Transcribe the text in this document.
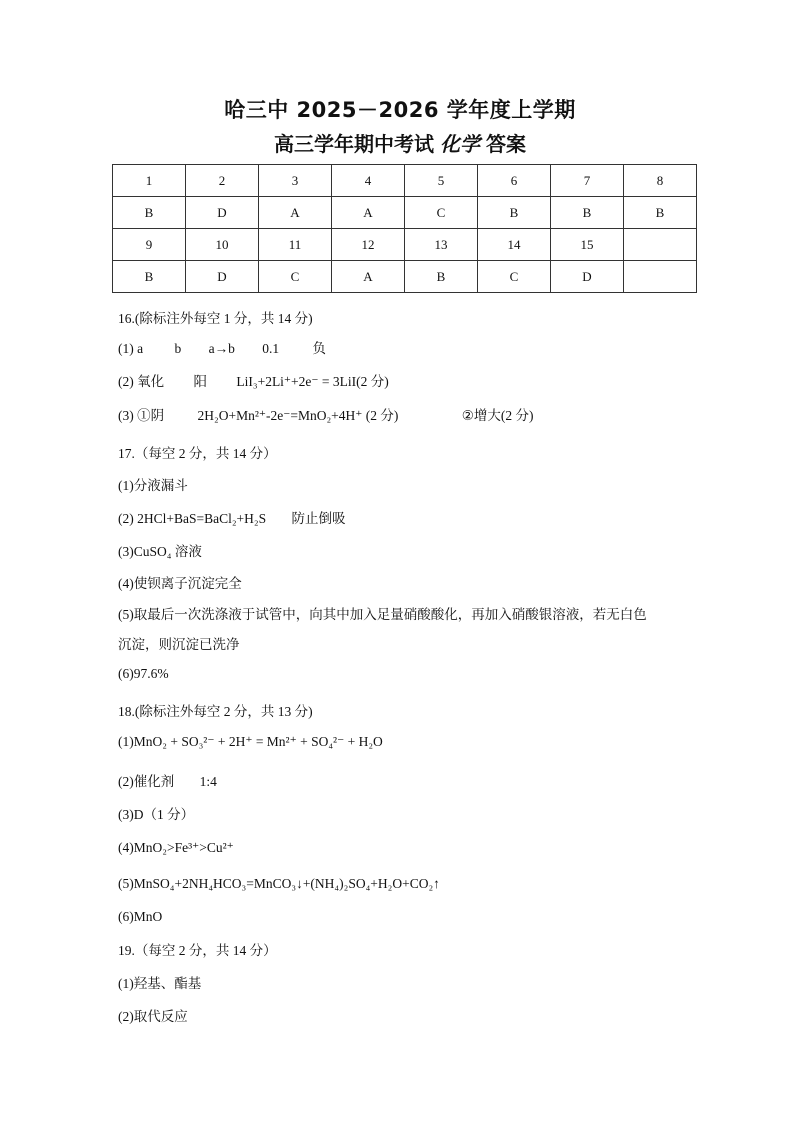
哈三中 2025－2026 学年度上学期
高三学年期中考试 化学 答案
1	2	3	4	5	6	7	8
B	D	A	A	C	B	B	B
9	10	11	12	13	14	15	
B	D	C	A	B	C	D	
16.(除标注外每空 1 分，共 14 分)
(1) a b a→b 0.1 负
(2) 氧化 阳 LiI₃+2Li⁺+2e⁻ = 3LiI(2 分)
(3) ①阴 2H₂O+Mn²⁺-2e⁻=MnO₂+4H⁺ (2 分)	②增大(2 分)
17.（每空 2 分，共 14 分）
(1)分液漏斗
(2) 2HCl+BaS=BaCl₂+H₂S 防止倒吸
(3)CuSO₄ 溶液
(4)使钡离子沉淀完全
(5)取最后一次洗涤液于试管中，向其中加入足量硝酸酸化，再加入硝酸银溶液，若无白色
沉淀，则沉淀已洗净
(6)97.6%
18.(除标注外每空 2 分，共 13 分)
(1)MnO₂ + SO₃²⁻ + 2H⁺ = Mn²⁺ + SO₄²⁻ + H₂O
(2)催化剂 1:4
(3)D（1 分）
(4)MnO₂>Fe³⁺>Cu²⁺
(5)MnSO₄+2NH₄HCO₃=MnCO₃↓+(NH₄)₂SO₄+H₂O+CO₂↑
(6)MnO
19.（每空 2 分，共 14 分）
(1)羟基、酯基
(2)取代反应
